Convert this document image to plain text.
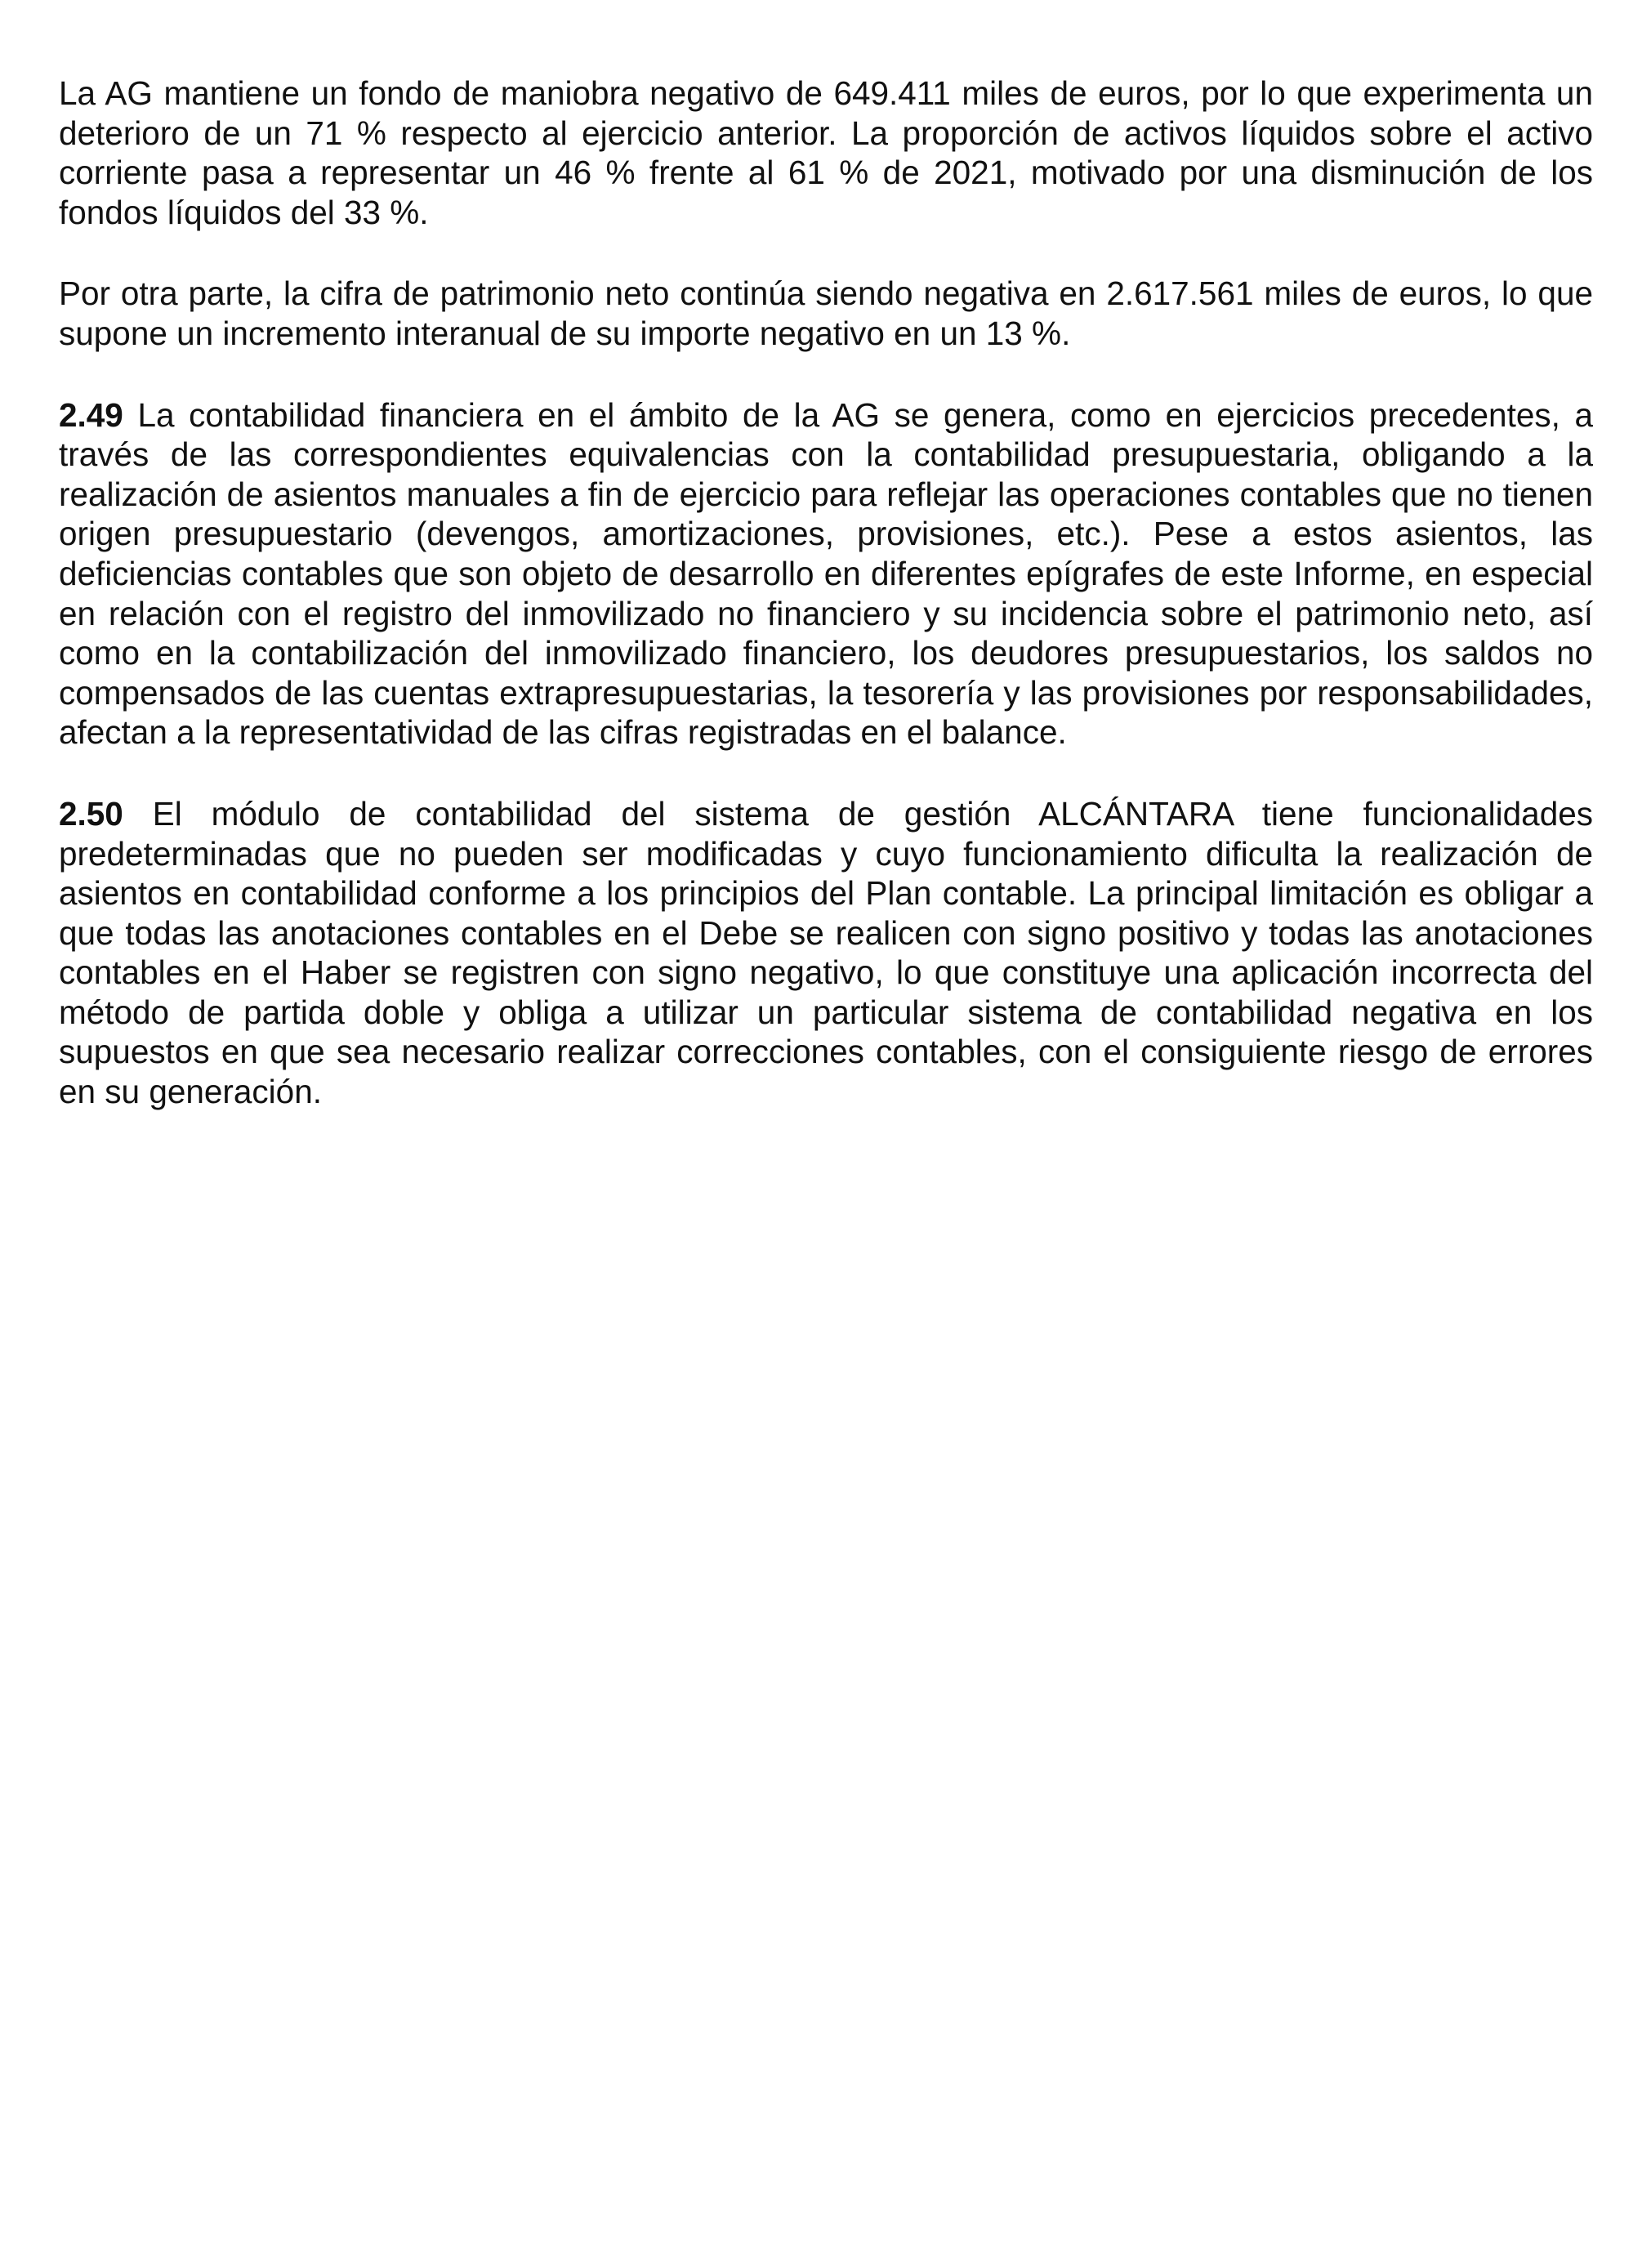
La AG mantiene un fondo de maniobra negativo de 649.411 miles de euros, por lo que experimenta un deterioro de un 71 % respecto al ejercicio anterior. La proporción de activos líquidos sobre el activo corriente pasa a representar un 46 % frente al 61 % de 2021, motivado por una disminución de los fondos líquidos del 33 %.

Por otra parte, la cifra de patrimonio neto continúa siendo negativa en 2.617.561 miles de euros, lo que supone un incremento interanual de su importe negativo en un 13 %.

2.49 La contabilidad financiera en el ámbito de la AG se genera, como en ejercicios precedentes, a través de las correspondientes equivalencias con la contabilidad presupuestaria, obligando a la realización de asientos manuales a fin de ejercicio para reflejar las operaciones contables que no tienen origen presupuestario (devengos, amortizaciones, provisiones, etc.). Pese a estos asientos, las deficiencias contables que son objeto de desarrollo en diferentes epígrafes de este Informe, en especial en relación con el registro del inmovilizado no financiero y su incidencia sobre el patrimonio neto, así como en la contabilización del inmovilizado financiero, los deudores presupuestarios, los saldos no compensados de las cuentas extrapresupuestarias, la tesorería y las provisiones por responsabilidades, afectan a la representatividad de las cifras registradas en el balance.

2.50 El módulo de contabilidad del sistema de gestión ALCÁNTARA tiene funcionalidades predeterminadas que no pueden ser modificadas y cuyo funcionamiento dificulta la realización de asientos en contabilidad conforme a los principios del Plan contable. La principal limitación es obligar a que todas las anotaciones contables en el Debe se realicen con signo positivo y todas las anotaciones contables en el Haber se registren con signo negativo, lo que constituye una aplicación incorrecta del método de partida doble y obliga a utilizar un particular sistema de contabilidad negativa en los supuestos en que sea necesario realizar correcciones contables, con el consiguiente riesgo de errores en su generación.
